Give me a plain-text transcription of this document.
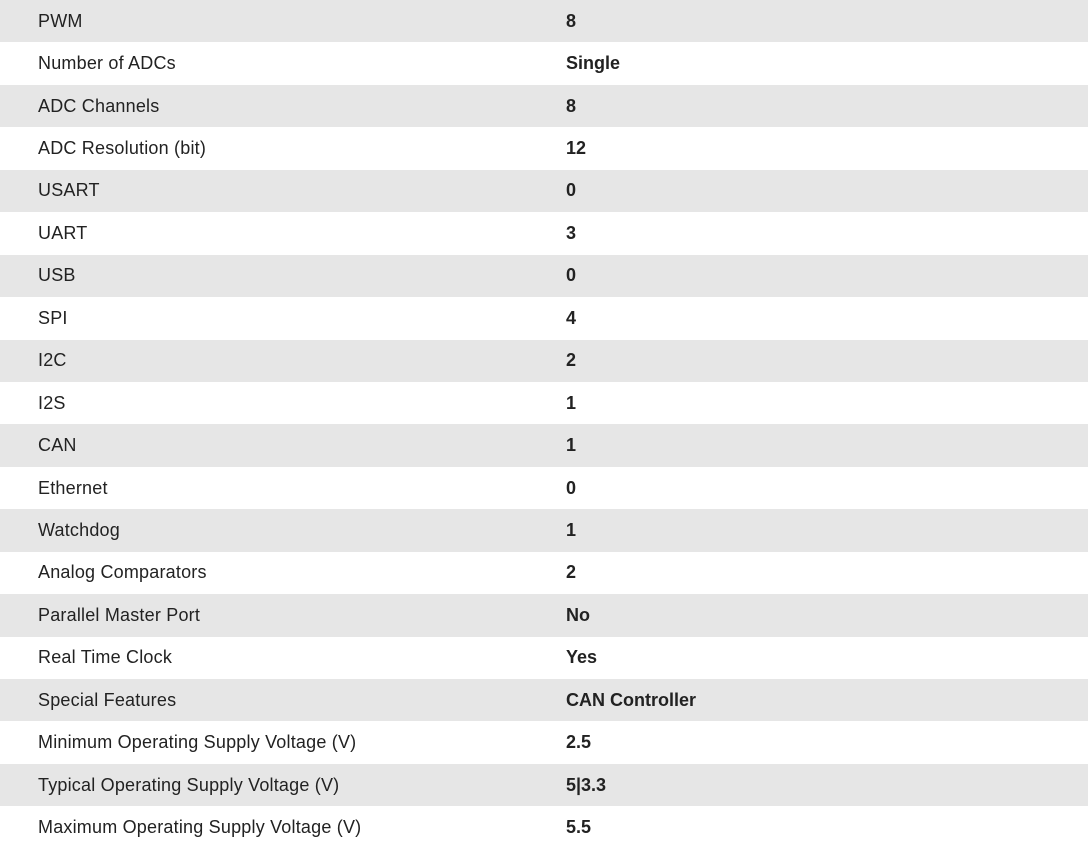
PWM	8
Number of ADCs	Single
ADC Channels	8
ADC Resolution (bit)	12
USART	0
UART	3
USB	0
SPI	4
I2C	2
I2S	1
CAN	1
Ethernet	0
Watchdog	1
Analog Comparators	2
Parallel Master Port	No
Real Time Clock	Yes
Special Features	CAN Controller
Minimum Operating Supply Voltage (V)	2.5
Typical Operating Supply Voltage (V)	5|3.3
Maximum Operating Supply Voltage (V)	5.5
